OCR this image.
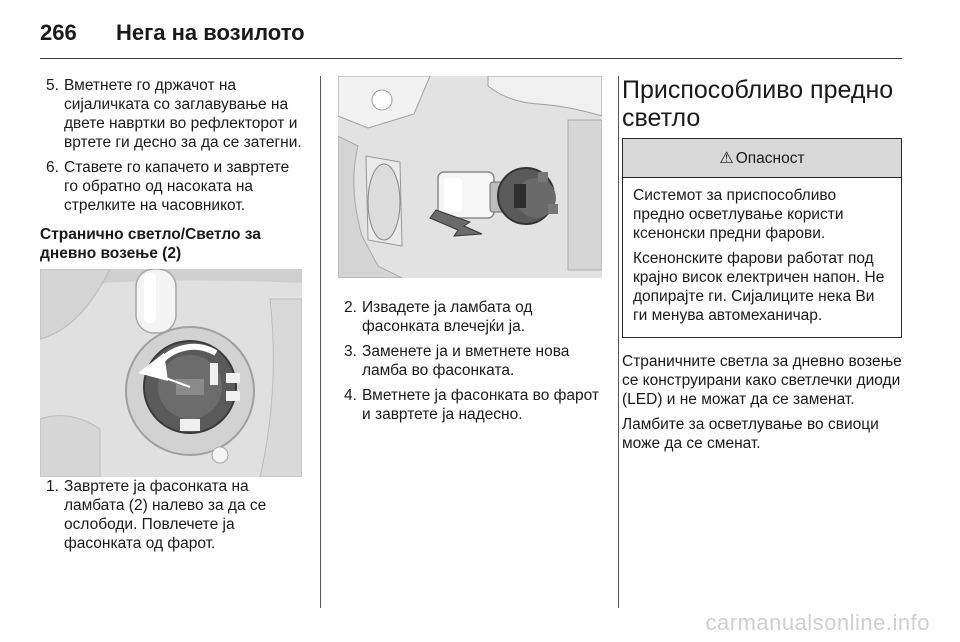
266 Нега на возилото
5. Вметнете го држачот на сијаличката со заглавување на двете навртки во рефлекторот и вртете ги десно за да се затегни.
6. Ставете го капачето и завртете го обратно од насоката на стрелките на часовникот.
Странично светло/Светло за дневно возење (2)
1. Завртете ја фасонката на ламбата (2) налево за да се ослободи. Повлечете ја фасонката од фарот.
2. Извадете ја ламбата од фасонката влечејќи ја.
3. Заменете ја и вметнете нова ламба во фасонката.
4. Вметнете ја фасонката во фарот и завртете ја надесно.
Приспособливо предно светло
⚠ Опасност

Системот за приспособливо предно осветлување користи ксенонски предни фарови.

Ксенонските фарови работат под крајно висок електричен напон. Не допирајте ги. Сијалиците нека Ви ги менува автомеханичар.

Страничните светла за дневно возење се конструирани како светлечки диоди (LED) и не можат да се заменат.

Ламбите за осветлување во свиоци може да се сменат.

carmanualsonline.info
